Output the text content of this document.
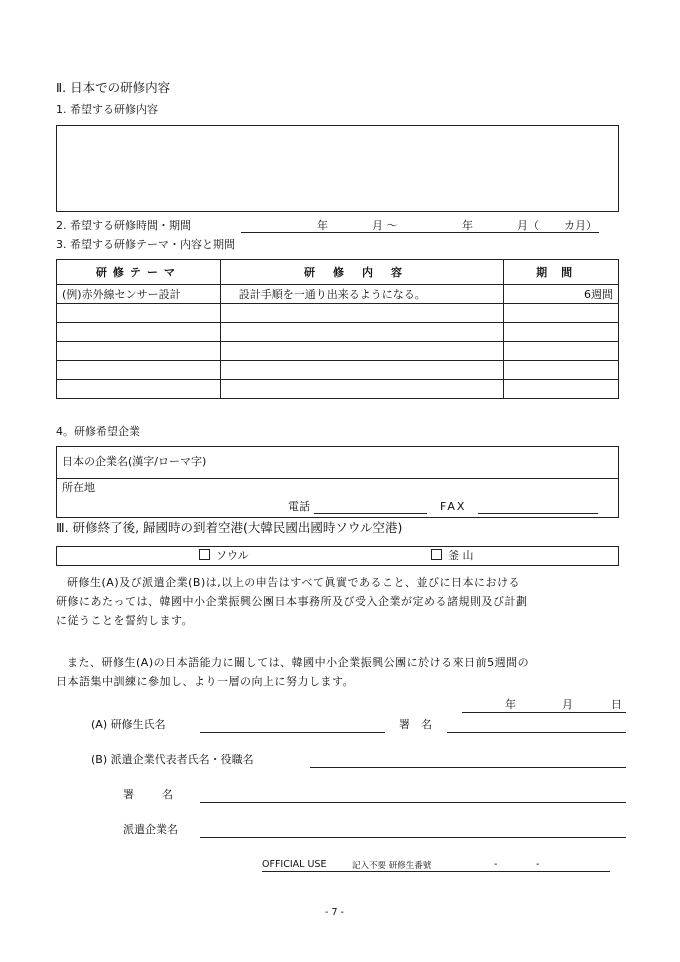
Ⅱ. 日本での研修内容
1. 希望する研修内容
2. 希望する研修時間・期間	年	月 ～	年	月（ カ月）
3. 希望する研修テーマ・内容と期間
研修テーマ	研修内容	期間
(例)赤外線センサー設計	設計手順を一通り出来るようになる。	6週間

4。研修希望企業
日本の企業名(漢字/ローマ字)
所在地
電話	FAX
Ⅲ. 研修終了後, 歸國時の到着空港(大韓民國出國時ソウル空港)
ソウル	釜 山
研修生(A)及び派遣企業(B)は,以上の申告はすべて眞實であること、並びに日本における
研修にあたっては、韓國中小企業振興公團日本事務所及び受入企業が定める諸規則及び計劃
に従うことを誓約します。
また、研修生(A)の日本語能力に關しては、韓國中小企業振興公團に於ける來日前5週間の
日本語集中訓練に參加し、より一層の向上に努力します。
年	月	日
(A) 研修生氏名	署　名
(B) 派遣企業代表者氏名・役職名
署　　名
派遣企業名
OFFICIAL USE	記入不要 研修生番號	-	-
- 7 -
